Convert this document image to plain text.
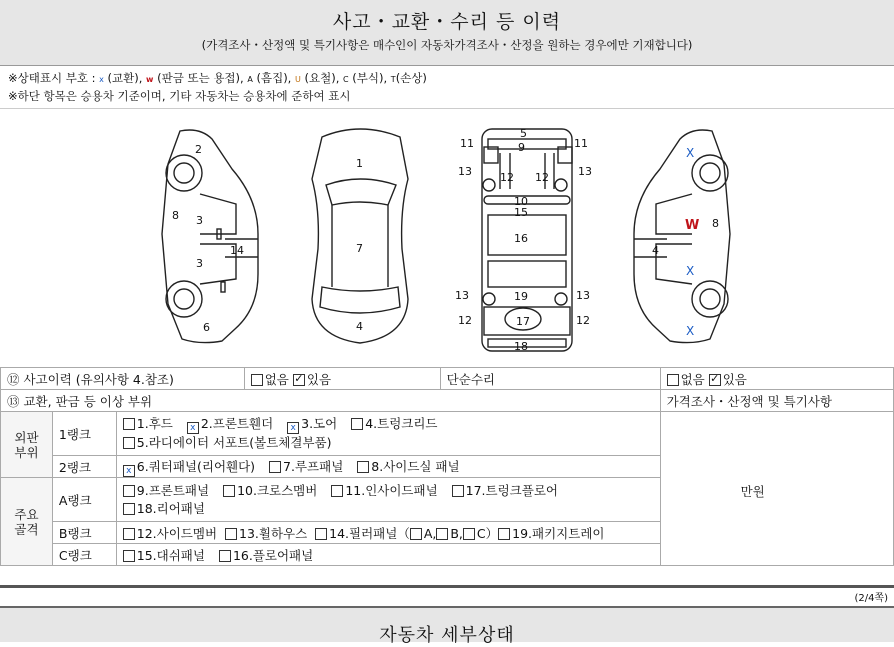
사고・교환・수리 등 이력
(가격조사・산정액 및 특기사항은 매수인이 자동차가격조사・산정을 원하는 경우에만 기재합니다)
※상태표시 부호 : x (교환), w (판금 또는 용접), A (흠집), U (요철), C (부식), T(손상)
※하단 항목은 승용차 기준이며, 기타 자동차는 승용차에 준하여 표시
2
3
3
8
14
6
1
7
4
5
9
11	11
13	13
12 12
10
15
16
13	19	13
12	17	12
18
8
4
X
W
X
X
⑫ 사고이력 (유의사항 4.참조)			없음 ✓ 있음	단순수리	없음 ✓ 있음
⑬ 교환, 판금 등 이상 부위					가격조사・산정액 및 특기사항
외판
부위	1랭크	1.후드 x 2.프론트휀더 x 3.도어 4.트렁크리드
5.라디에이터 서포트(볼트체결부품)			만원

	2랭크	x 6.쿼터패널(리어휀다) 7.루프패널 8.사이드실 패널			
주요
골격	A랭크	9.프론트패널 10.크로스멤버 11.인사이드패널 17.트렁크플로어
18.리어패널			
	B랭크	12.사이드멤버 13.휠하우스 14.필러패널（ A, B, C） 19.패키지트레이			
	C랭크	15.대쉬패널 16.플로어패널			
(2/4쪽)
자동차 세부상태
